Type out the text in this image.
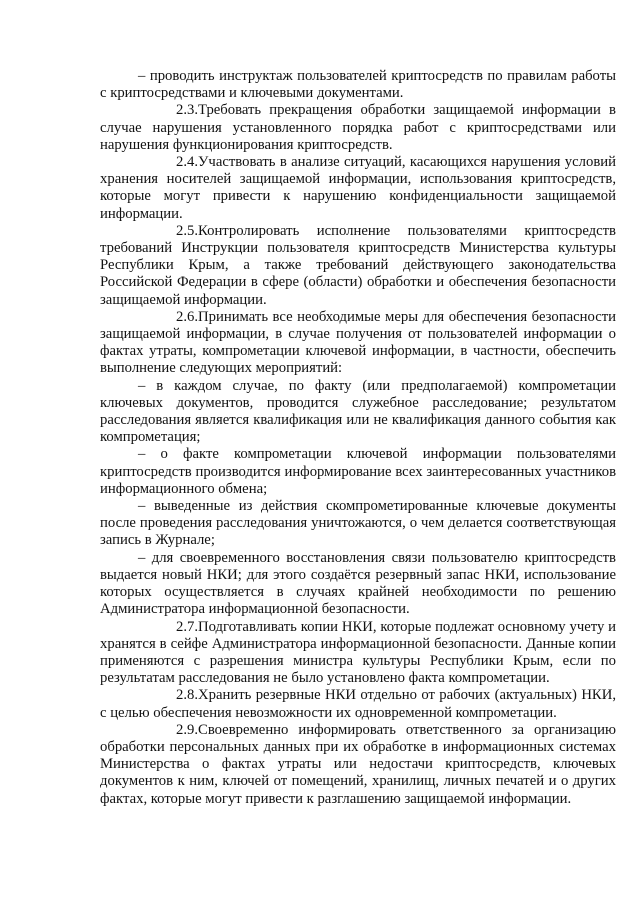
– проводить инструктаж пользователей криптосредств по правилам работы с криптосредствами и ключевыми документами.

2.3.Требовать прекращения обработки защищаемой информации в случае нарушения установленного порядка работ с криптосредствами или нарушения функционирования криптосредств.

2.4.Участвовать в анализе ситуаций, касающихся нарушения условий хранения носителей защищаемой информации, использования криптосредств, которые могут привести к нарушению конфиденциальности защищаемой информации.

2.5.Контролировать исполнение пользователями криптосредств требований Инструкции пользователя криптосредств Министерства культуры Республики Крым, а также требований действующего законодательства Российской Федерации в сфере (области) обработки и обеспечения безопасности защищаемой информации.

2.6.Принимать все необходимые меры для обеспечения безопасности защищаемой информации, в случае получения от пользователей информации о фактах утраты, компрометации ключевой информации, в частности, обеспечить выполнение следующих мероприятий:

– в каждом случае, по факту (или предполагаемой) компрометации ключевых документов, проводится служебное расследование; результатом расследования является квалификация или не квалификация данного события как компрометация;

– о факте компрометации ключевой информации пользователями криптосредств производится информирование всех заинтересованных участников информационного обмена;

– выведенные из действия скомпрометированные ключевые документы после проведения расследования уничтожаются, о чем делается соответствующая запись в Журнале;

– для своевременного восстановления связи пользователю криптосредств выдается новый НКИ; для этого создаётся резервный запас НКИ, использование которых осуществляется в случаях крайней необходимости по решению Администратора информационной безопасности.

2.7.Подготавливать копии НКИ, которые подлежат основному учету и хранятся в сейфе Администратора информационной безопасности. Данные копии применяются с разрешения министра культуры Республики Крым, если по результатам расследования не было установлено факта компрометации.

2.8.Хранить резервные НКИ отдельно от рабочих (актуальных) НКИ, с целью обеспечения невозможности их одновременной компрометации.

2.9.Своевременно информировать ответственного за организацию обработки персональных данных при их обработке в информационных системах Министерства о фактах утраты или недостачи криптосредств, ключевых документов к ним, ключей от помещений, хранилищ, личных печатей и о других фактах, которые могут привести к разглашению защищаемой информации.
